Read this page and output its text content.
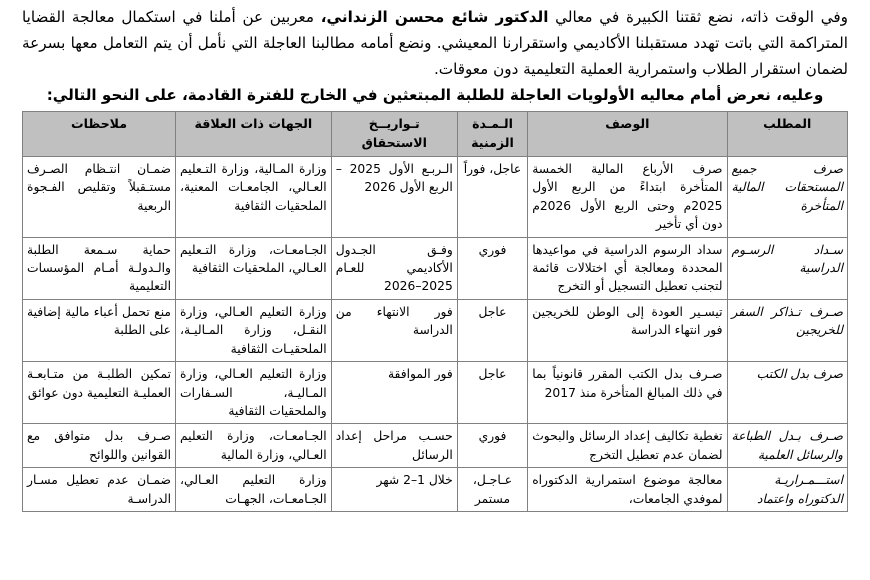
وفي الوقت ذاته، نضع ثقتنا الكبيرة في معالي الدكتور شائع محسن الزنداني، معربين عن أملنا في استكمال معالجة القضايا المتراكمة التي باتت تهدد مستقبلنا الأكاديمي واستقرارنا المعيشي. ونضع أمامه مطالبنا العاجلة التي نأمل أن يتم التعامل معها بسرعة لضمان استقرار الطلاب واستمرارية العملية التعليمية دون معوقات.

وعليه، نعرض أمام معاليه الأولويات العاجلة للطلبة المبتعثين في الخارج للفترة القادمة، على النحو التالي:

المطلب	الوصف	الـمـدة الزمنية	تـواريــخ الاستحقاق	الجهات ذات العلاقة	ملاحظات
صرف جميع المستحقات المالية المتأخرة	صرف الأرباع المالية الخمسة المتأخرة ابتداءً من الربع الأول 2025م وحتى الربع الأول 2026م دون أي تأخير	عاجل، فوراً	الـربـع الأول 2025 – الربع الأول 2026	وزارة المـالية، وزارة التـعليم العـالي، الجامعـات المعنية، الملحقيات الثقافية	ضمـان انتـظام الصـرف مستـقبلاً وتقليص الفـجوة الربعية
سـداد الرسـوم الدراسية	سداد الرسوم الدراسية في مواعيدها المحددة ومعالجة أي اختلالات قائمة لتجنب تعطيل التسجيل أو التخرج	فوري	وفـق الجـدول الأكاديمي للعـام 2025–2026	الجـامعـات، وزارة التـعليم العـالي، الملحقيات الثقافية	حماية سـمعة الطلبة والـدولـة أمـام المؤسسات التعليمية
صـرف تـذاكر السفر للخريجين	تيسـير العودة إلى الوطن للخريجين فور انتهاء الدراسة	عاجل	فور الانتهاء من الدراسة	وزارة التعليم العـالي، وزارة النقـل، وزارة المـاليـة، الملحقيـات الثقافية	منع تحمل أعباء مالية إضافية على الطلبة
صرف بدل الكتب	صـرف بدل الكتب المقرر قانونياً بما في ذلك المبالغ المتأخرة منذ 2017	عاجل	فور الموافقة	وزارة التعليم العـالي، وزارة المـاليـة، السـفارات والملحقيات الثقافية	تمكين الطلبـة من متـابعـة العمليـة التعليمية دون عوائق
صـرف بـدل الطباعة والرسائل العلمية	تغطية تكاليف إعداد الرسائل والبحوث لضمان عدم تعطيل التخرج	فوري	حسـب مراحل إعداد الرسائل	الجـامعـات، وزارة التعليم العـالي، وزارة المالية	صـرف بدل متوافق مع القوانين واللوائح
استـــمـراريـة الدكتوراه واعتماد	معالجة موضوع استمرارية الدكتوراه لموفدي الجامعات،	عـاجـل، مستمر	خلال 1–2 شهر	وزارة التعليم العـالي، الجـامعـات، الجهـات	ضمـان عدم تعطيل مسـار الدراسـة
